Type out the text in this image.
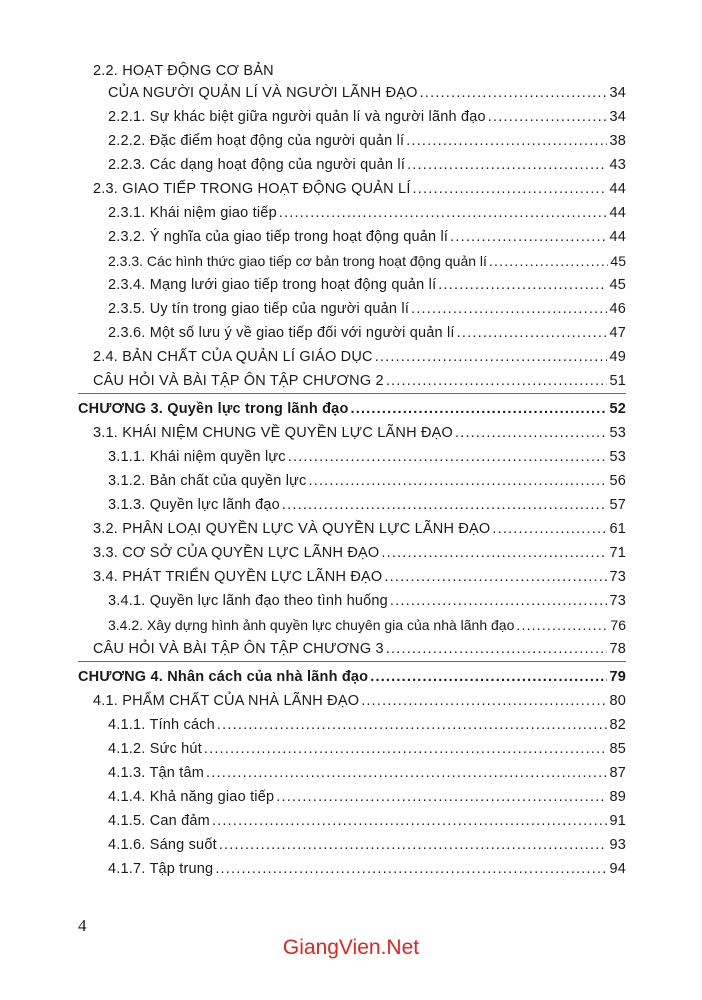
2.2. HOẠT ĐỘNG CƠ BẢN
CỦA NGƯỜI QUẢN LÍ VÀ NGƯỜI LÃNH ĐẠO .....	34
2.2.1. Sự khác biệt giữa người quản lí và người lãnh đạo .....	34
2.2.2. Đặc điểm hoạt động của người quản lí .....	38
2.2.3. Các dạng hoạt động của người quản lí .....	43
2.3. GIAO TIẾP TRONG HOẠT ĐỘNG QUẢN LÍ .....	44
2.3.1. Khái niệm giao tiếp .....	44
2.3.2. Ý nghĩa của giao tiếp trong hoạt động quản lí .....	44
2.3.3. Các hình thức giao tiếp cơ bản trong hoạt động quản lí .....	45
2.3.4. Mạng lưới giao tiếp trong hoạt động quản lí .....	45
2.3.5. Uy tín trong giao tiếp của người quản lí .....	46
2.3.6. Một số lưu ý về giao tiếp đối với người quản lí .....	47
2.4. BẢN CHẤT CỦA QUẢN LÍ GIÁO DỤC .....	49
CÂU HỎI VÀ BÀI TẬP ÔN TẬP CHƯƠNG 2 .....	51
CHƯƠNG 3. Quyền lực trong lãnh đạo .....	52
3.1. KHÁI NIỆM CHUNG VỀ QUYỀN LỰC LÃNH ĐẠO .....	53
3.1.1. Khái niệm quyền lực .....	53
3.1.2. Bản chất của quyền lực .....	56
3.1.3. Quyền lực lãnh đạo .....	57
3.2. PHÂN LOẠI QUYỀN LỰC VÀ QUYỀN LỰC LÃNH ĐẠO .....	61
3.3. CƠ SỞ CỦA QUYỀN LỰC LÃNH ĐẠO .....	71
3.4. PHÁT TRIỂN QUYỀN LỰC LÃNH ĐẠO .....	73
3.4.1. Quyền lực lãnh đạo theo tình huống .....	73
3.4.2. Xây dựng hình ảnh quyền lực chuyên gia của nhà lãnh đạo .....	76
CÂU HỎI VÀ BÀI TẬP ÔN TẬP CHƯƠNG 3 .....	78
CHƯƠNG 4. Nhân cách của nhà lãnh đạo .....	79
4.1. PHẨM CHẤT CỦA NHÀ LÃNH ĐẠO .....	80
4.1.1. Tính cách .....	82
4.1.2. Sức hút .....	85
4.1.3. Tận tâm .....	87
4.1.4. Khả năng giao tiếp .....	89
4.1.5. Can đảm .....	91
4.1.6. Sáng suốt .....	93
4.1.7. Tập trung .....	94
4
GiangVien.Net
